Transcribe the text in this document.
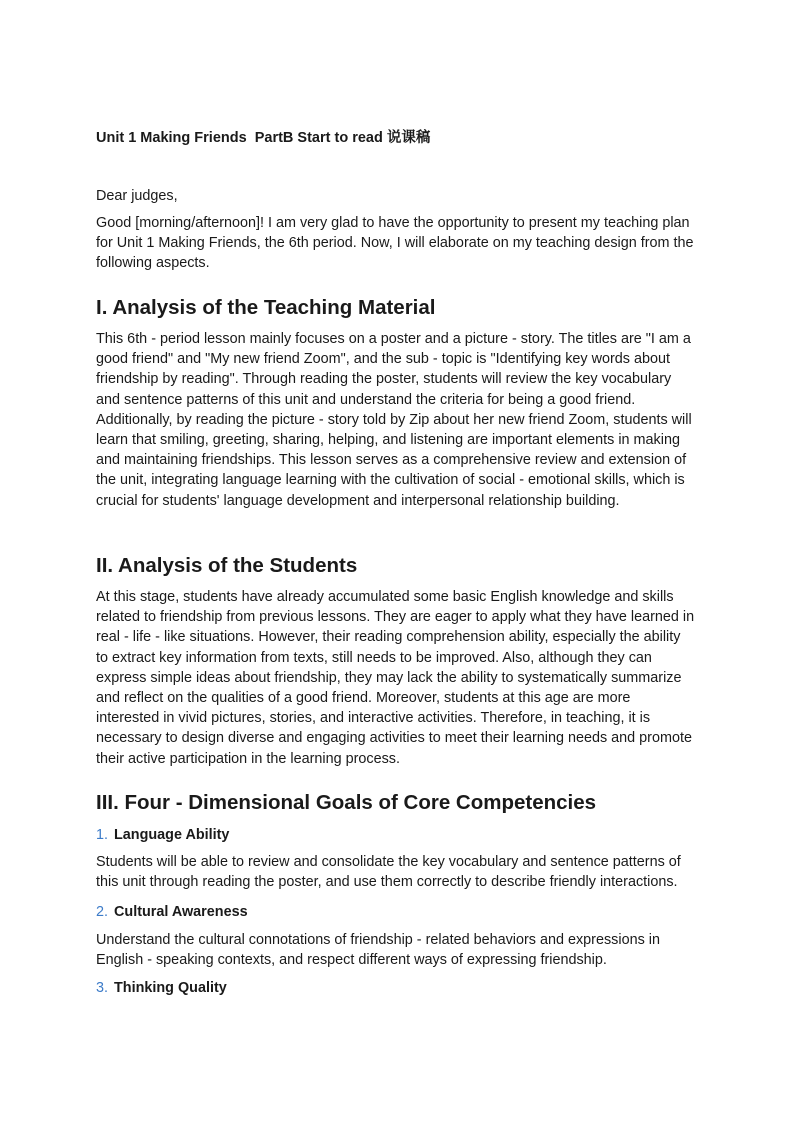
Unit 1 Making Friends  PartB Start to read 说课稿

Dear judges,

Good [morning/afternoon]! I am very glad to have the opportunity to present my teaching plan for Unit 1 Making Friends, the 6th period. Now, I will elaborate on my teaching design from the following aspects.

I. Analysis of the Teaching Material

This 6th - period lesson mainly focuses on a poster and a picture - story. The titles are "I am a good friend" and "My new friend Zoom", and the sub - topic is "Identifying key words about friendship by reading". Through reading the poster, students will review the key vocabulary and sentence patterns of this unit and understand the criteria for being a good friend. Additionally, by reading the picture - story told by Zip about her new friend Zoom, students will learn that smiling, greeting, sharing, helping, and listening are important elements in making and maintaining friendships. This lesson serves as a comprehensive review and extension of the unit, integrating language learning with the cultivation of social - emotional skills, which is crucial for students' language development and interpersonal relationship building.

II. Analysis of the Students

At this stage, students have already accumulated some basic English knowledge and skills related to friendship from previous lessons. They are eager to apply what they have learned in real - life - like situations. However, their reading comprehension ability, especially the ability to extract key information from texts, still needs to be improved. Also, although they can express simple ideas about friendship, they may lack the ability to systematically summarize and reflect on the qualities of a good friend. Moreover, students at this age are more interested in vivid pictures, stories, and interactive activities. Therefore, in teaching, it is necessary to design diverse and engaging activities to meet their learning needs and promote their active participation in the learning process.

III. Four - Dimensional Goals of Core Competencies

1. Language Ability

Students will be able to review and consolidate the key vocabulary and sentence patterns of this unit through reading the poster, and use them correctly to describe friendly interactions.

2. Cultural Awareness

Understand the cultural connotations of friendship - related behaviors and expressions in English - speaking contexts, and respect different ways of expressing friendship.

3. Thinking Quality
